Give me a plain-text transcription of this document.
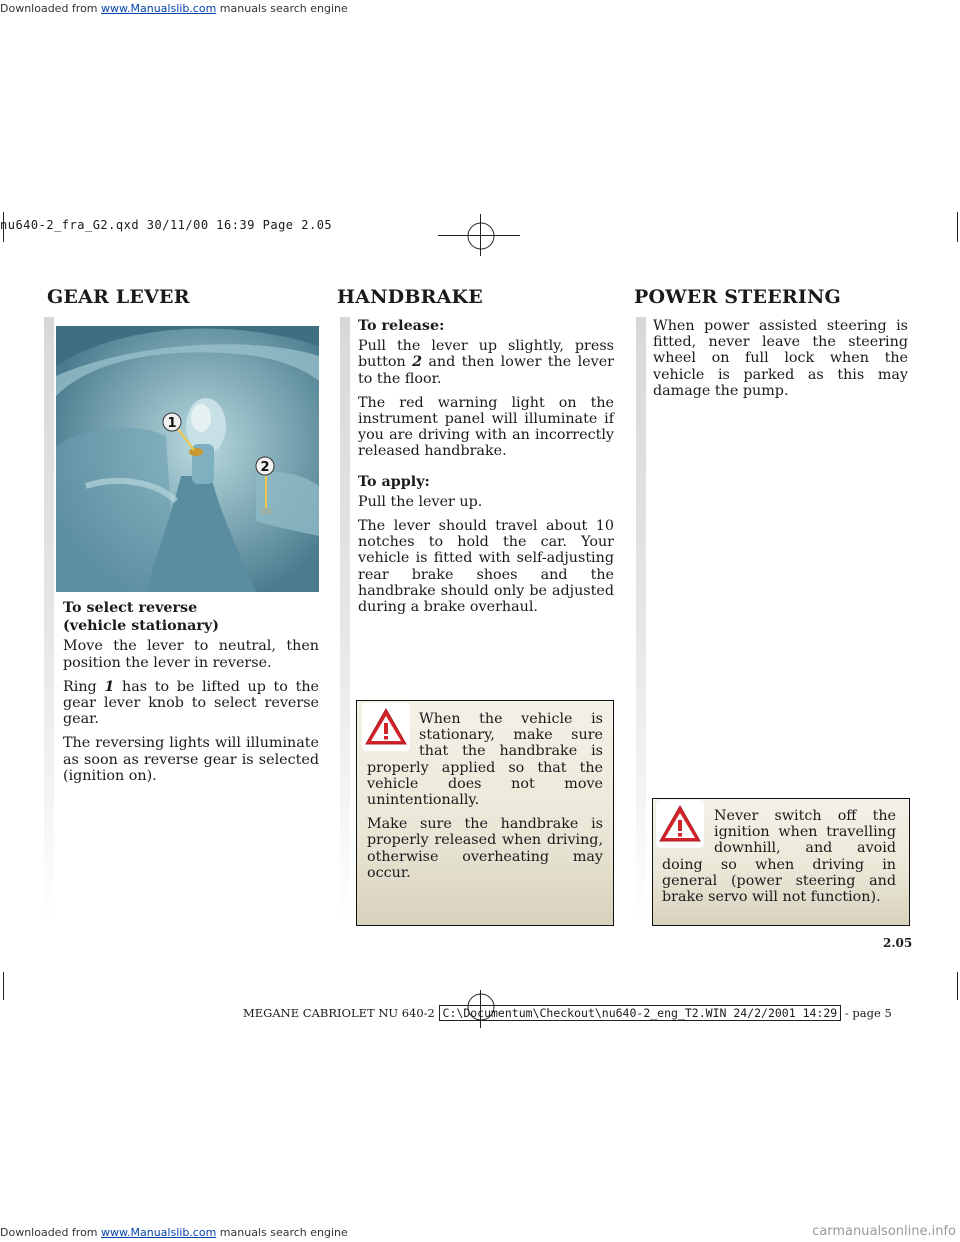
Downloaded from www.Manualslib.com manuals search engine
Downloaded from www.Manualslib.com manuals search engine
nu640-2_fra_G2.qxd 30/11/00 16:39 Page 2.05
GEAR LEVER	HANDBRAKE	POWER STEERING
1
2
To select reverse
(vehicle stationary)

Move the lever to neutral, then position the lever in reverse.

Ring 1 has to be lifted up to the gear lever knob to select reverse gear.

The reversing lights will illuminate as soon as reverse gear is selected (ignition on).

To release:

Pull the lever up slightly, press button 2 and then lower the lever to the floor.

The red warning light on the instrument panel will illuminate if you are driving with an incorrectly released handbrake.

To apply:

Pull the lever up.

The lever should travel about 10 notches to hold the car. Your vehicle is fitted with self-adjusting rear brake shoes and the handbrake should only be adjusted during a brake overhaul.

When the vehicle is stationary, make sure that the handbrake is properly applied so that the vehicle does not move unintentionally.

Make sure the handbrake is properly released when driving, otherwise overheating may occur.

When power assisted steering is fitted, never leave the steering wheel on full lock when the vehicle is parked as this may damage the pump.

Never switch off the ignition when travelling downhill, and avoid doing so when driving in general (power steering and brake servo will not function).

2.05
MEGANE CABRIOLET NU 640-2 C:\Documentum\Checkout\nu640-2_eng_T2.WIN 24/2/2001 14:29 - page 5
carmanualsonline.info
